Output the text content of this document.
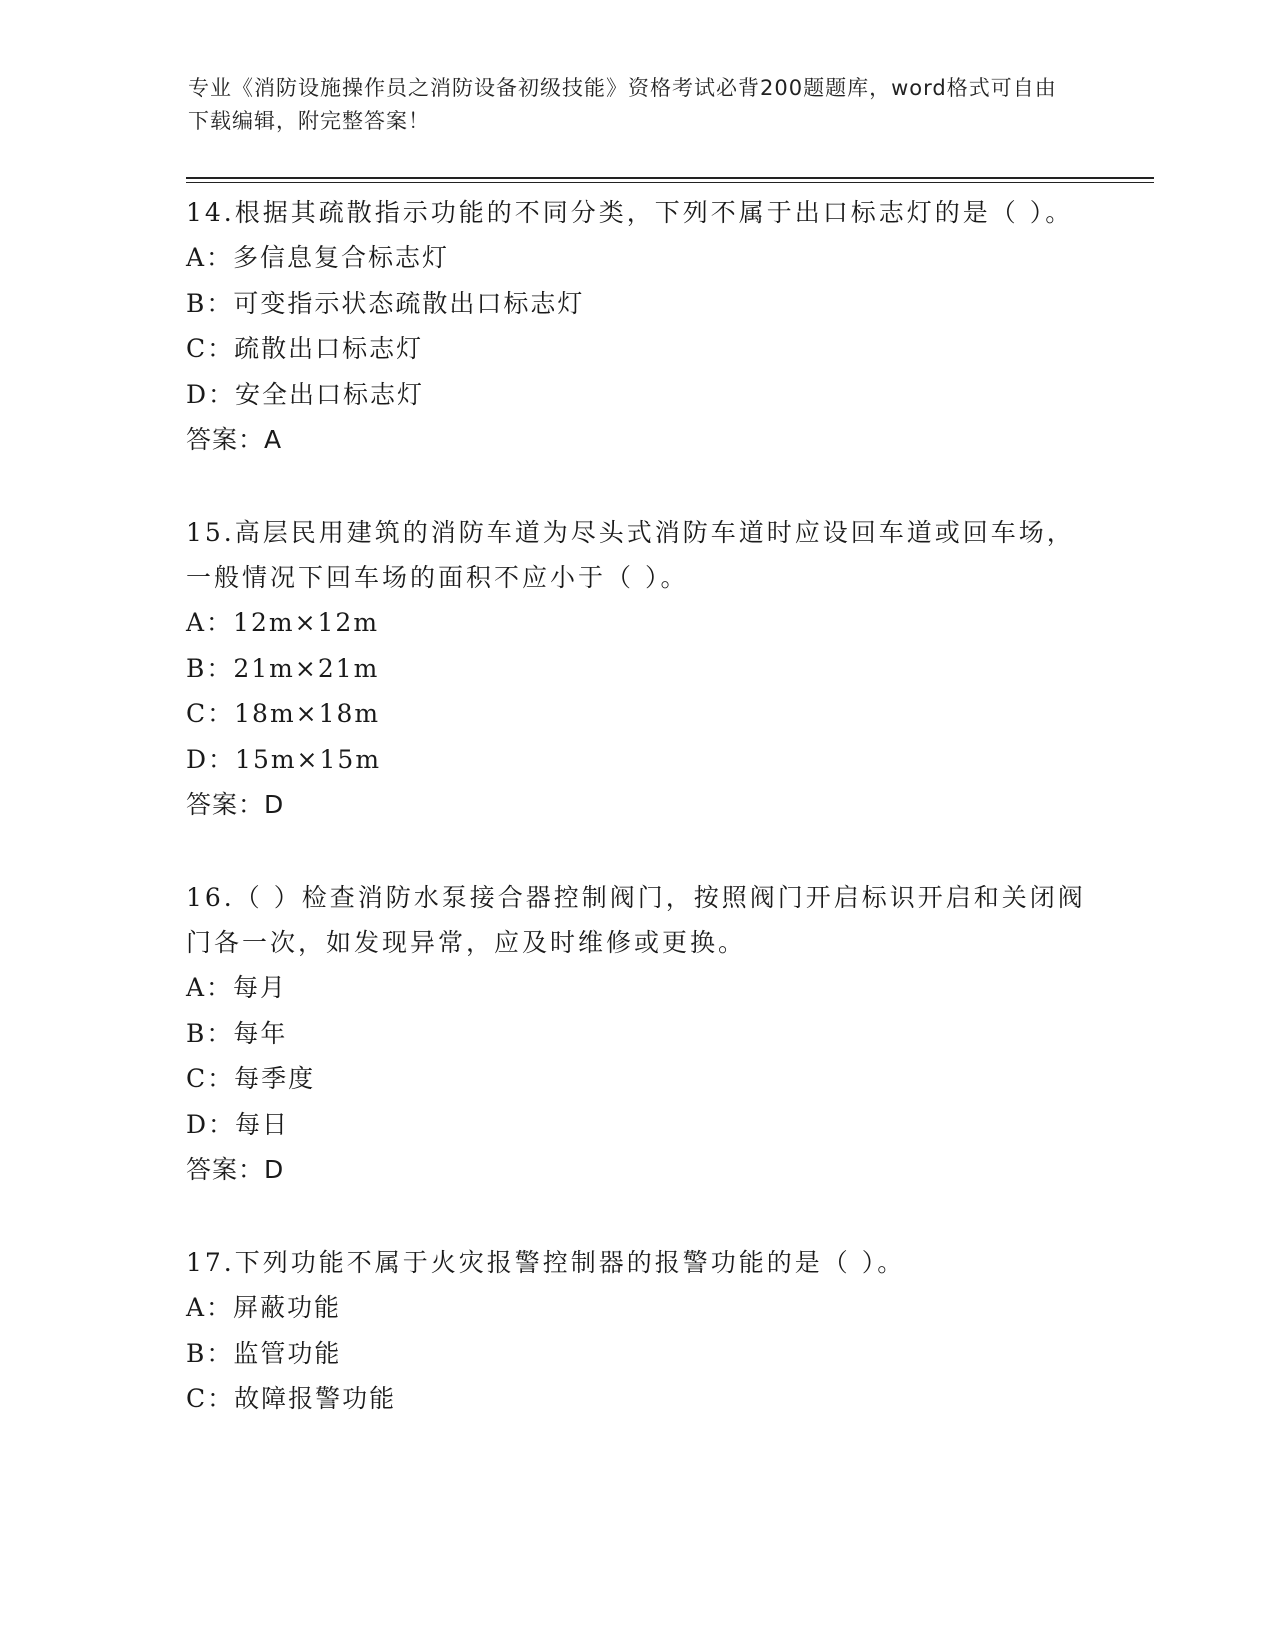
专业《消防设施操作员之消防设备初级技能》资格考试必背200题题库，word格式可自由下载编辑，附完整答案！
14.根据其疏散指示功能的不同分类，下列不属于出口标志灯的是（ ）。
A：多信息复合标志灯
B：可变指示状态疏散出口标志灯
C：疏散出口标志灯
D：安全出口标志灯
答案：A
15.高层民用建筑的消防车道为尽头式消防车道时应设回车道或回车场，一般情况下回车场的面积不应小于（ ）。
A：12m×12m
B：21m×21m
C：18m×18m
D：15m×15m
答案：D
16.（ ）检查消防水泵接合器控制阀门，按照阀门开启标识开启和关闭阀门各一次，如发现异常，应及时维修或更换。
A：每月
B：每年
C：每季度
D：每日
答案：D
17.下列功能不属于火灾报警控制器的报警功能的是（ ）。
A：屏蔽功能
B：监管功能
C：故障报警功能
